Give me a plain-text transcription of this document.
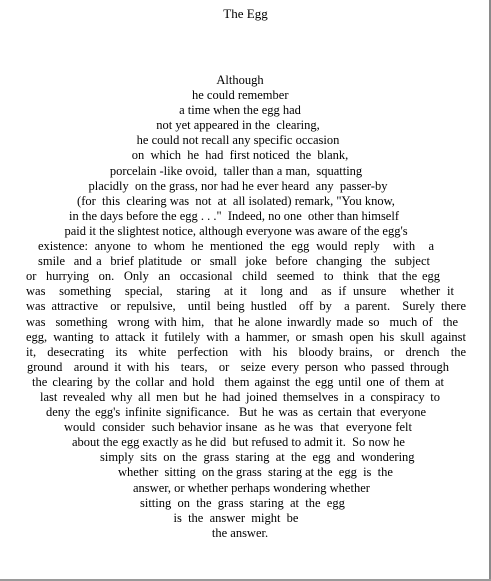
The Egg
Although
he could remember
a time when the egg had
not yet appeared in the  clearing,
he could not recall any specific occasion
on  which  he  had  first noticed  the  blank,
porcelain -like ovoid,  taller than a man,  squatting
placidly  on the grass, nor had he ever heard  any  passer-by
(for  this  clearing was  not  at  all isolated) remark, "You know,
in the days before the egg . . ."  Indeed, no one  other than himself
paid it the slightest notice, although everyone was aware of the egg's
existence: anyone to whom he mentioned the egg would reply  with  a
smile  and a  brief platitude  or  small  joke  before  changing  the  subject
or  hurrying  on.  Only  an  occasional  child  seemed  to  think  that the egg
was  something  special,  staring  at it  long and  as if unsure  whether it
was attractive  or repulsive,  until being hustled  off by  a parent.  Surely there
was  something  wrong with him,  that he alone inwardly made so  much of  the
egg, wanting to attack it futilely with a hammer, or smash open his skull against
it,  desecrating  its  white  perfection  with  his  bloody brains,  or  drench  the
ground  around it with his  tears,  or  seize every person who passed through
the clearing by the collar and hold  them against the egg until one of them at
last revealed why all men but he had joined themselves in a conspiracy to
deny the egg's infinite significance.  But he was as certain that everyone
would  consider  such behavior insane  as he was  that  everyone felt
about the egg exactly as he did  but refused to admit it.  So now he
simply  sits  on  the  grass  staring  at  the  egg  and  wondering
whether  sitting  on the grass  staring at the  egg  is  the
answer, or whether perhaps wondering whether
sitting  on  the  grass  staring  at  the  egg
is  the  answer  might  be
the answer.
